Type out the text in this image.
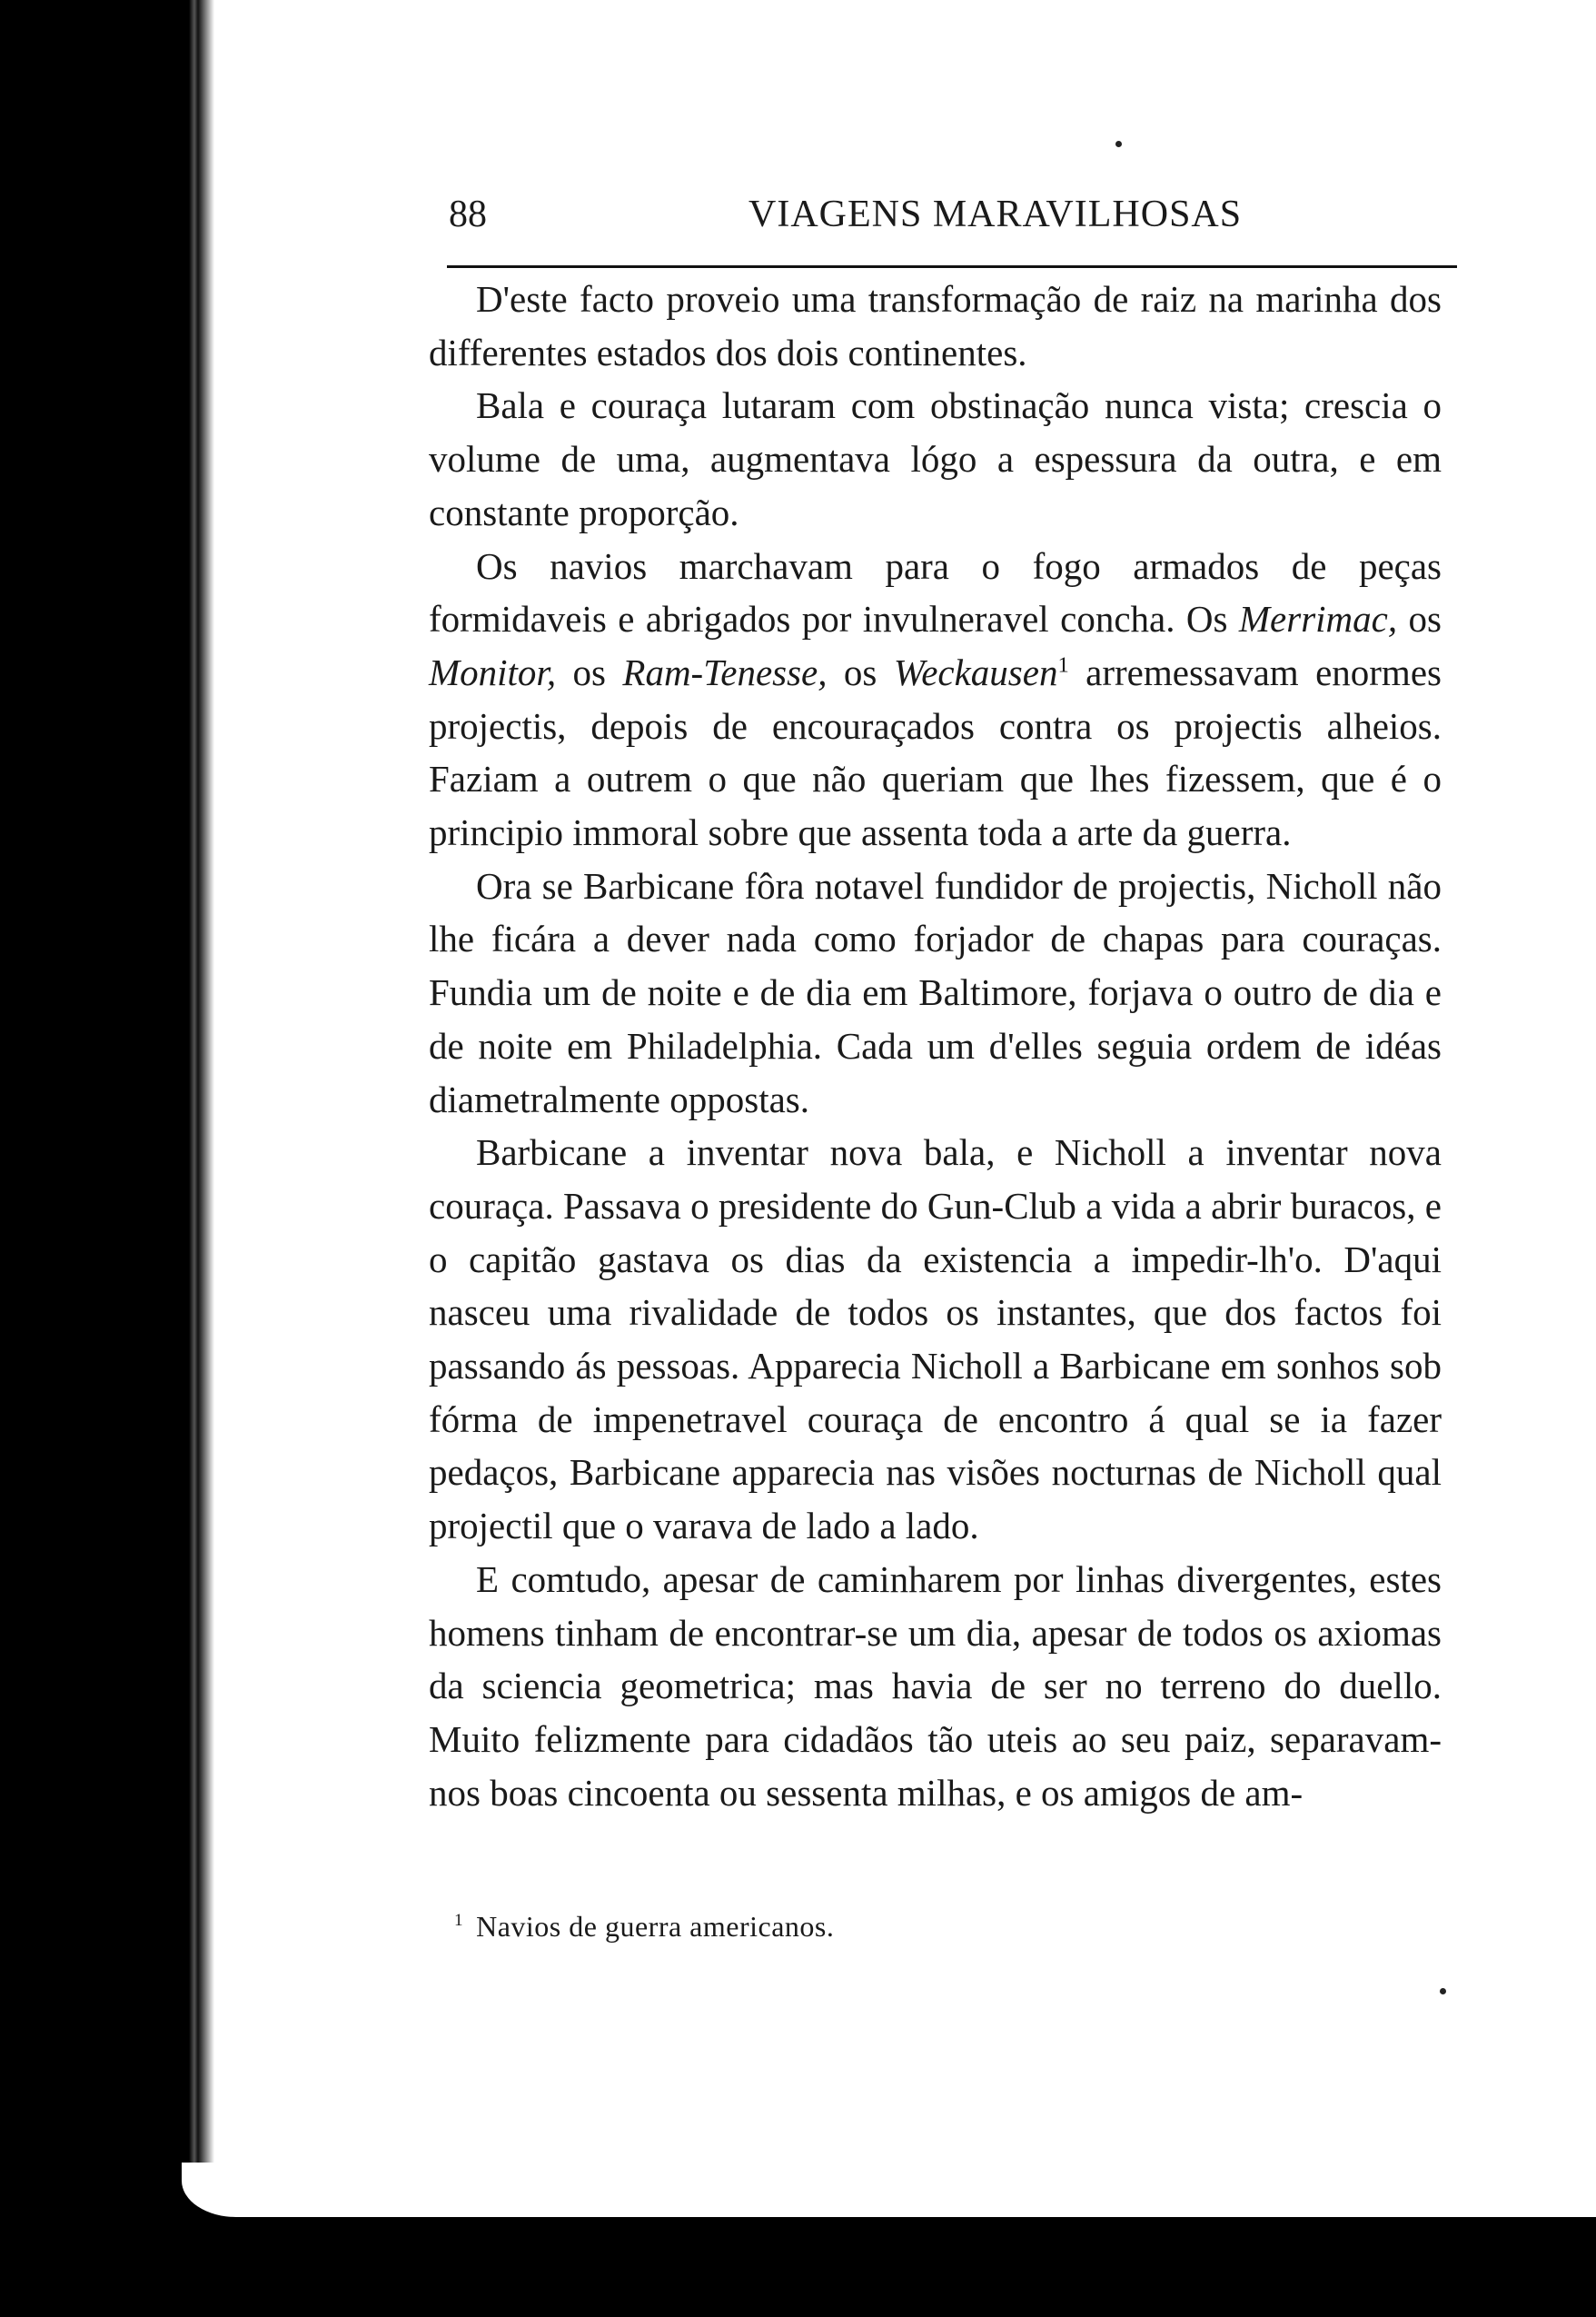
88	VIAGENS MARAVILHOSAS

D'este facto proveio uma transformação de raiz na marinha dos differentes estados dos dois continentes.

Bala e couraça lutaram com obstinação nunca vista; crescia o volume de uma, augmentava lógo a espessura da outra, e em constante proporção.

Os navios marchavam para o fogo armados de peças formidaveis e abrigados por invulneravel concha. Os Merrimac, os Monitor, os Ram-Tenesse, os Weckausen$^1$ arremessavam enormes projectis, depois de encouraçados contra os projectis alheios. Faziam a outrem o que não queriam que lhes fizessem, que é o principio immoral sobre que assenta toda a arte da guerra.

Ora se Barbicane fôra notavel fundidor de projectis, Nicholl não lhe ficára a dever nada como forjador de chapas para couraças. Fundia um de noite e de dia em Baltimore, forjava o outro de dia e de noite em Philadelphia. Cada um d'elles seguia ordem de idéas diametralmente oppostas.

Barbicane a inventar nova bala, e Nicholl a inventar nova couraça. Passava o presidente do Gun-Club a vida a abrir buracos, e o capitão gastava os dias da existencia a impedir-lh'o. D'aqui nasceu uma rivalidade de todos os instantes, que dos factos foi passando ás pessoas. Apparecia Nicholl a Barbicane em sonhos sob fórma de impenetravel couraça de encontro á qual se ia fazer pedaços, Barbicane apparecia nas visões nocturnas de Nicholl qual projectil que o varava de lado a lado.

E comtudo, apesar de caminharem por linhas divergentes, estes homens tinham de encontrar-se um dia, apesar de todos os axiomas da sciencia geometrica; mas havia de ser no terreno do duello. Muito felizmente para cidadãos tão uteis ao seu paiz, separavam-nos boas cincoenta ou sessenta milhas, e os amigos de am-

$^1$ Navios de guerra americanos.
